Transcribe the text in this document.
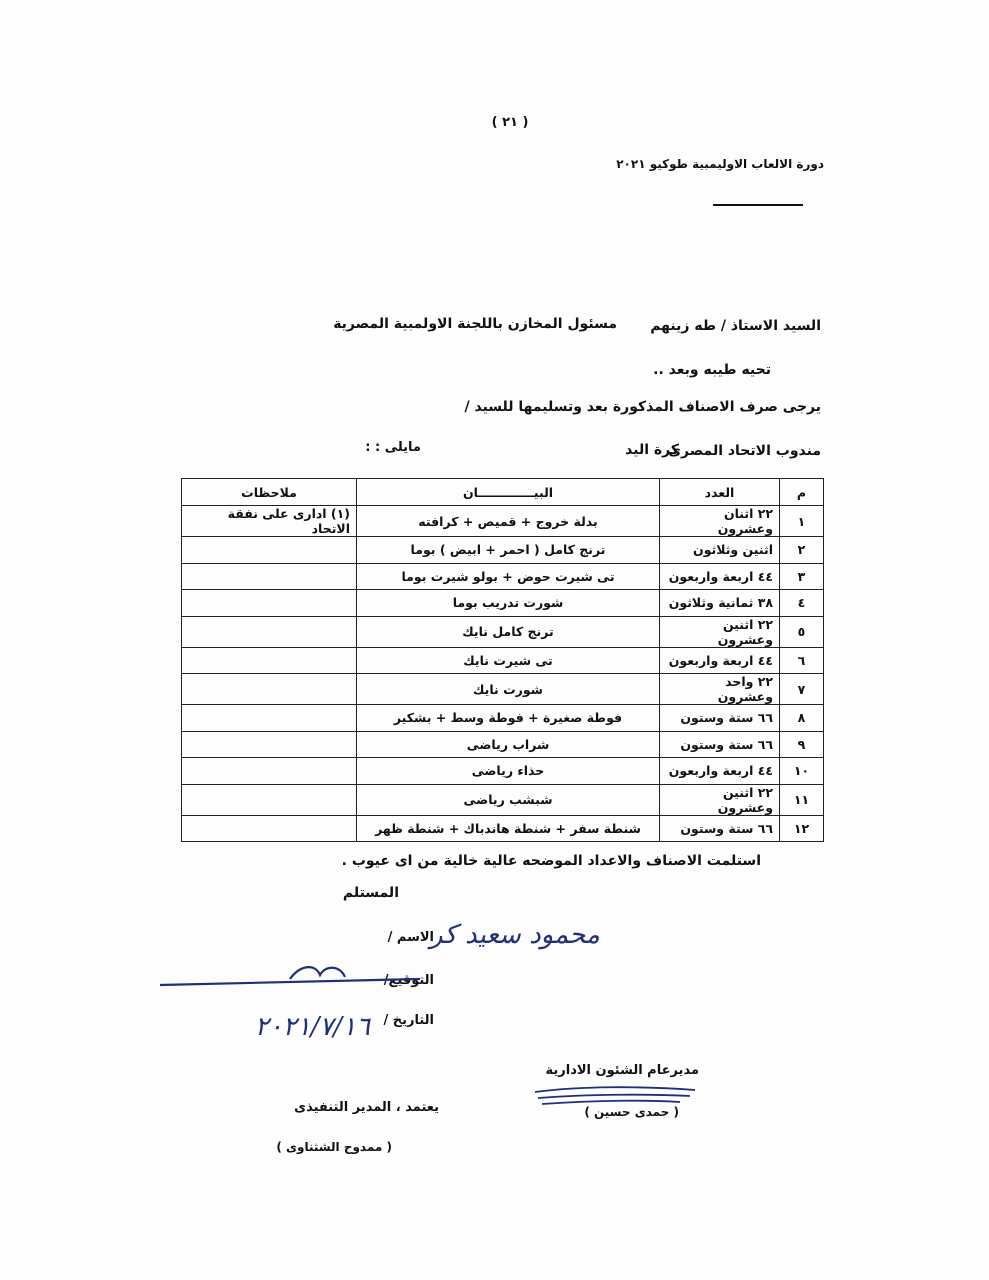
( ٢١ )
دورة الالعاب الاوليمبية طوكيو ٢٠٢١
السيد الاستاذ / طه زينهم
مسئول المخازن باللجنة الاولمبية المصرية
تحيه طيبه وبعد ..
يرجى صرف الاصناف المذكورة بعد وتسليمها للسيد /
مندوب الاتحاد المصرى
كرة اليد
مايلى : :
م	العدد	البيـــــــــــــان	ملاحظات
١	٢٢ اثنان وعشرون	بدلة خروج + قميص + كرافته	(١) ادارى على نفقة الاتحاد
٢	اثنين وثلاثون	ترنج كامل ( احمر + ابيض ) بوما	
٣	٤٤ اربعة واربعون	تى شيرت حوض + بولو شيرت بوما	
٤	٣٨ ثمانية وثلاثون	شورت تدريب بوما	
٥	٢٢ اثنين وعشرون	ترنج كامل نايك	
٦	٤٤ اربعة واربعون	تى شيرت نايك	
٧	٢٢ واحد وعشرون	شورت نايك	
٨	٦٦ ستة وستون	فوطة صغيرة + فوطة وسط + بشكير	
٩	٦٦ ستة وستون	شراب رياضى	
١٠	٤٤ اربعة واربعون	حذاء رياضى	
١١	٢٢ اثنين وعشرون	شبشب رياضى	
١٢	٦٦ ستة وستون	شنطة سفر + شنطة هاندباك + شنطة ظهر	
استلمت الاصناف والاعداد الموضحه عالية خالية من اى عيوب .
المستلم
الاسم /
التوقيع/
التاريخ /
محمود سعيد كر
٢٠٢١/٧/١٦
مديرعام الشئون الادارية
( حمدى حسين )
يعتمد ، المدير التنفيذى
( ممدوح الشثناوى )
